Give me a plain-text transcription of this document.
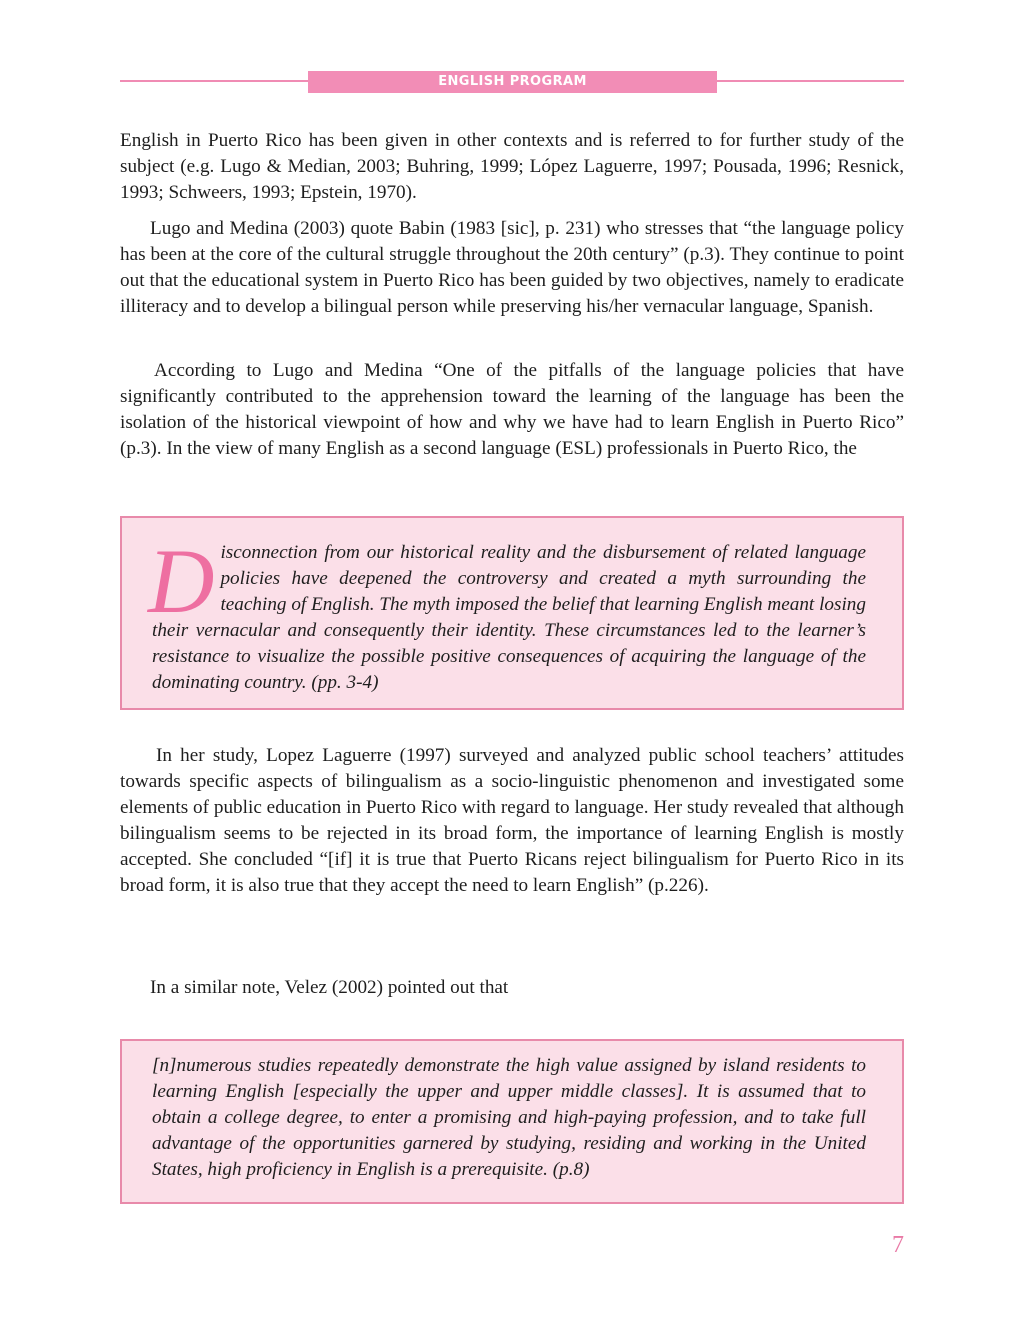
ENGLISH PROGRAM

English in Puerto Rico has been given in other contexts and is referred to for further study of the subject (e.g. Lugo & Median, 2003; Buhring, 1999; López Laguerre, 1997; Pousada, 1996; Resnick, 1993; Schweers, 1993; Epstein, 1970).

Lugo and Medina (2003) quote Babin (1983 [sic], p. 231) who stresses that “the language policy has been at the core of the cultural struggle throughout the 20th century” (p.3). They continue to point out that the educational system in Puerto Rico has been guided by two objectives, namely to eradicate illiteracy and to develop a bilingual person while preserving his/her vernacular language, Spanish.

According to Lugo and Medina “One of the pitfalls of the language policies that have significantly contributed to the apprehension toward the learning of the language has been the isolation of the historical viewpoint of how and why we have had to learn English in Puerto Rico” (p.3). In the view of many English as a second language (ESL) professionals in Puerto Rico, the

Disconnection from our historical reality and the disbursement of related language policies have deepened the controversy and created a myth surrounding the teaching of English. The myth imposed the belief that learning English meant losing their vernacular and consequently their identity. These circumstances led to the learner’s resistance to visualize the possible positive consequences of acquiring the language of the dominating country. (pp. 3-4)

In her study, Lopez Laguerre (1997) surveyed and analyzed public school teachers’ attitudes towards specific aspects of bilingualism as a socio-linguistic phenomenon and investigated some elements of public education in Puerto Rico with regard to language. Her study revealed that although bilingualism seems to be rejected in its broad form, the importance of learning English is mostly accepted. She concluded “[if] it is true that Puerto Ricans reject bilingualism for Puerto Rico in its broad form, it is also true that they accept the need to learn English” (p.226).

In a similar note, Velez (2002) pointed out that

[n]numerous studies repeatedly demonstrate the high value assigned by island residents to learning English [especially the upper and upper middle classes]. It is assumed that to obtain a college degree, to enter a promising and high-paying profession, and to take full advantage of the opportunities garnered by studying, residing and working in the United States, high proficiency in English is a prerequisite. (p.8)

7
